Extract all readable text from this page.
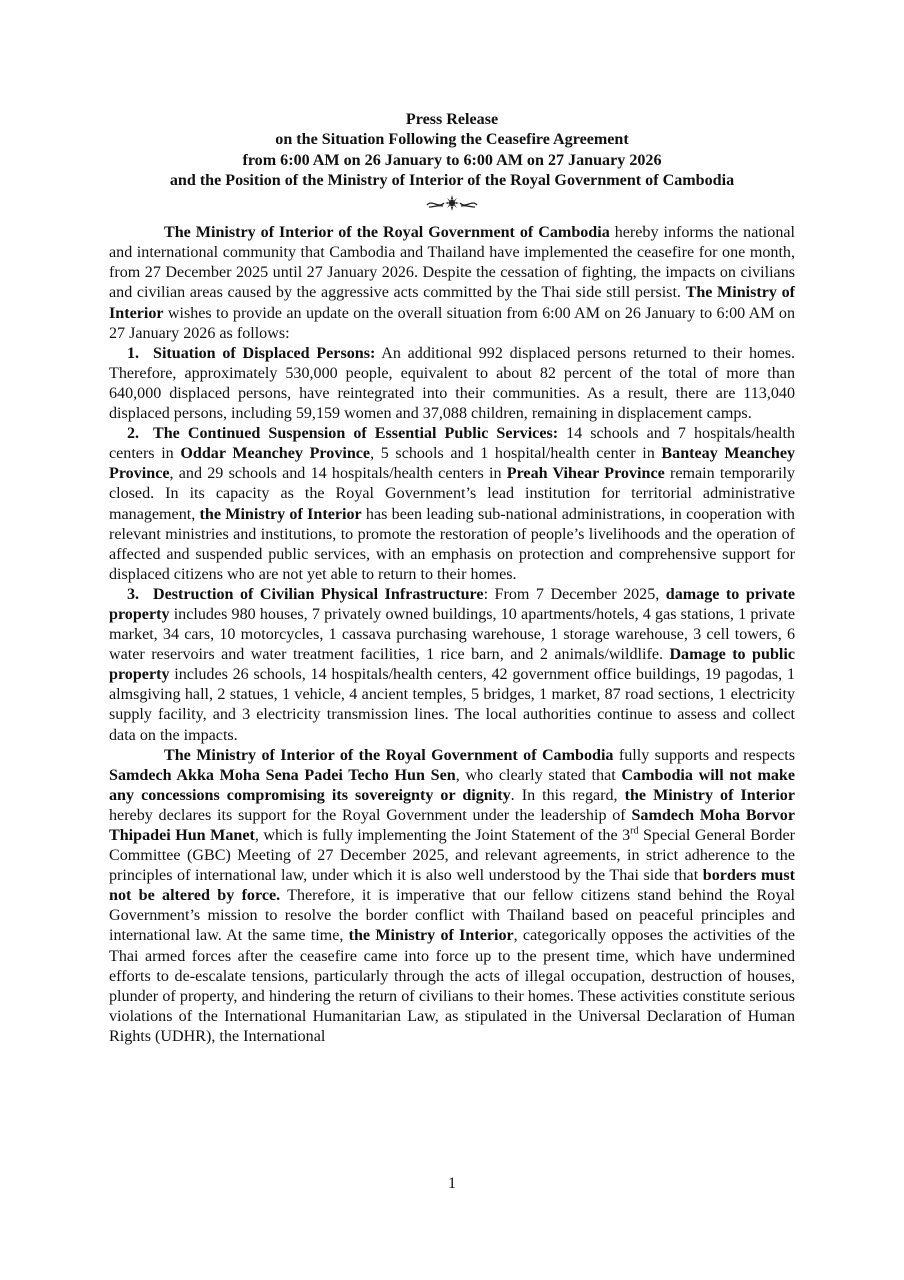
Press Release
on the Situation Following the Ceasefire Agreement
from 6:00 AM on 26 January to 6:00 AM on 27 January 2026
and the Position of the Ministry of Interior of the Royal Government of Cambodia

The Ministry of Interior of the Royal Government of Cambodia hereby informs the national and international community that Cambodia and Thailand have implemented the ceasefire for one month, from 27 December 2025 until 27 January 2026. Despite the cessation of fighting, the impacts on civilians and civilian areas caused by the aggressive acts committed by the Thai side still persist. The Ministry of Interior wishes to provide an update on the overall situation from 6:00 AM on 26 January to 6:00 AM on 27 January 2026 as follows:

1. Situation of Displaced Persons: An additional 992 displaced persons returned to their homes. Therefore, approximately 530,000 people, equivalent to about 82 percent of the total of more than 640,000 displaced persons, have reintegrated into their communities. As a result, there are 113,040 displaced persons, including 59,159 women and 37,088 children, remaining in displacement camps.

2. The Continued Suspension of Essential Public Services: 14 schools and 7 hospitals/health centers in Oddar Meanchey Province, 5 schools and 1 hospital/health center in Banteay Meanchey Province, and 29 schools and 14 hospitals/health centers in Preah Vihear Province remain temporarily closed. In its capacity as the Royal Government’s lead institution for territorial administrative management, the Ministry of Interior has been leading sub-national administrations, in cooperation with relevant ministries and institutions, to promote the restoration of people’s livelihoods and the operation of affected and suspended public services, with an emphasis on protection and comprehensive support for displaced citizens who are not yet able to return to their homes.

3. Destruction of Civilian Physical Infrastructure: From 7 December 2025, damage to private property includes 980 houses, 7 privately owned buildings, 10 apartments/hotels, 4 gas stations, 1 private market, 34 cars, 10 motorcycles, 1 cassava purchasing warehouse, 1 storage warehouse, 3 cell towers, 6 water reservoirs and water treatment facilities, 1 rice barn, and 2 animals/wildlife. Damage to public property includes 26 schools, 14 hospitals/health centers, 42 government office buildings, 19 pagodas, 1 almsgiving hall, 2 statues, 1 vehicle, 4 ancient temples, 5 bridges, 1 market, 87 road sections, 1 electricity supply facility, and 3 electricity transmission lines. The local authorities continue to assess and collect data on the impacts.

The Ministry of Interior of the Royal Government of Cambodia fully supports and respects Samdech Akka Moha Sena Padei Techo Hun Sen, who clearly stated that Cambodia will not make any concessions compromising its sovereignty or dignity. In this regard, the Ministry of Interior hereby declares its support for the Royal Government under the leadership of Samdech Moha Borvor Thipadei Hun Manet, which is fully implementing the Joint Statement of the 3rd Special General Border Committee (GBC) Meeting of 27 December 2025, and relevant agreements, in strict adherence to the principles of international law, under which it is also well understood by the Thai side that borders must not be altered by force. Therefore, it is imperative that our fellow citizens stand behind the Royal Government’s mission to resolve the border conflict with Thailand based on peaceful principles and international law. At the same time, the Ministry of Interior, categorically opposes the activities of the Thai armed forces after the ceasefire came into force up to the present time, which have undermined efforts to de-escalate tensions, particularly through the acts of illegal occupation, destruction of houses, plunder of property, and hindering the return of civilians to their homes. These activities constitute serious violations of the International Humanitarian Law, as stipulated in the Universal Declaration of Human Rights (UDHR), the International

1
